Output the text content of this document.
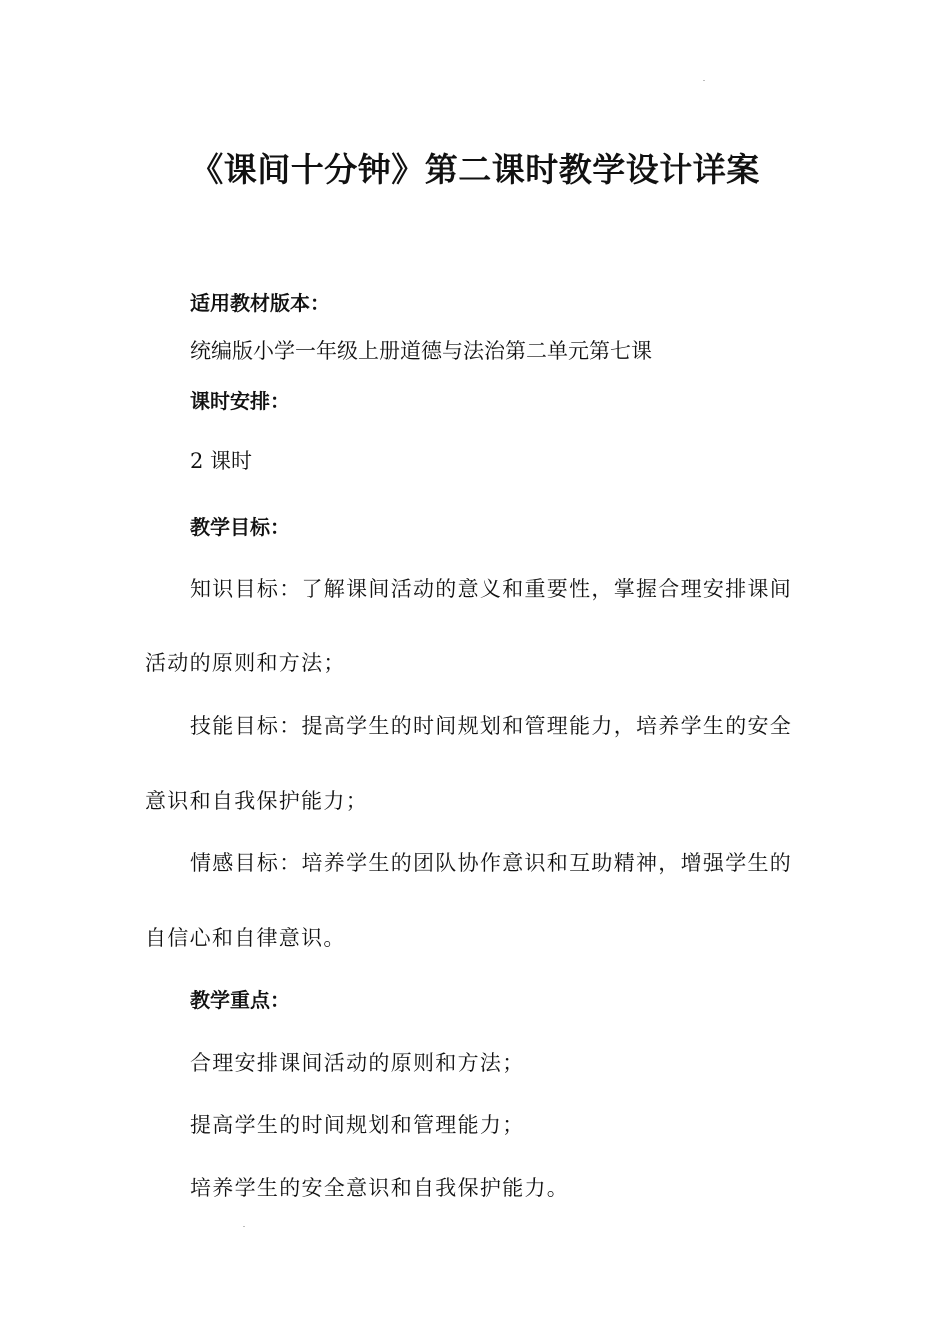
《课间十分钟》第二课时教学设计详案
适用教材版本：
统编版小学一年级上册道德与法治第二单元第七课
课时安排：
2 课时
教学目标：
知识目标：了解课间活动的意义和重要性，掌握合理安排课间
活动的原则和方法；
技能目标：提高学生的时间规划和管理能力，培养学生的安全
意识和自我保护能力；
情感目标：培养学生的团队协作意识和互助精神，增强学生的
自信心和自律意识。
教学重点：
合理安排课间活动的原则和方法；
提高学生的时间规划和管理能力；
培养学生的安全意识和自我保护能力。
